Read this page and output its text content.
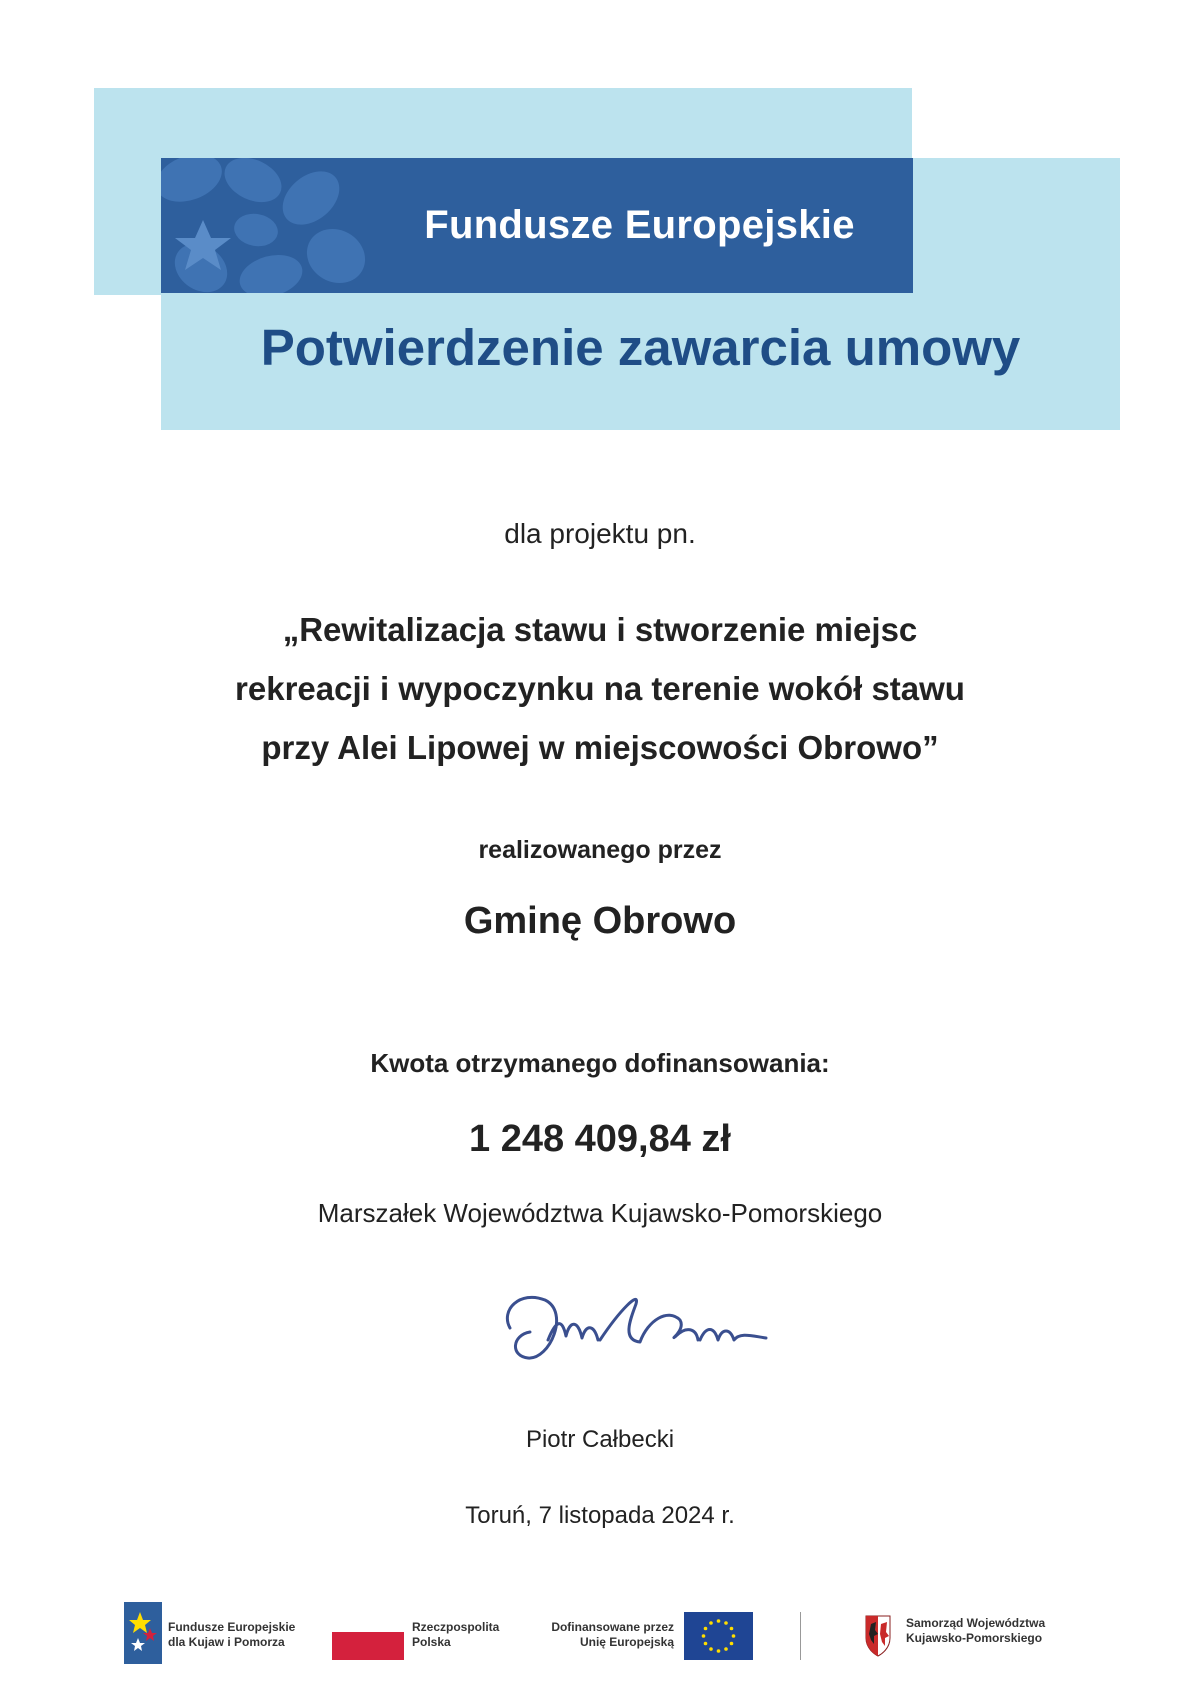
Fundusze Europejskie
Potwierdzenie zawarcia umowy
dla projektu pn.
„Rewitalizacja stawu i stworzenie miejsc rekreacji i wypoczynku na terenie wokół stawu przy Alei Lipowej w miejscowości Obrowo”
realizowanego przez
Gminę Obrowo
Kwota otrzymanego dofinansowania:
1 248 409,84 zł
Marszałek Województwa Kujawsko-Pomorskiego
Piotr Całbecki
Toruń, 7 listopada 2024 r.
Fundusze Europejskie
dla Kujaw i Pomorza
Rzeczpospolita
Polska
Dofinansowane przez
Unię Europejską
Samorząd Województwa
Kujawsko-Pomorskiego
